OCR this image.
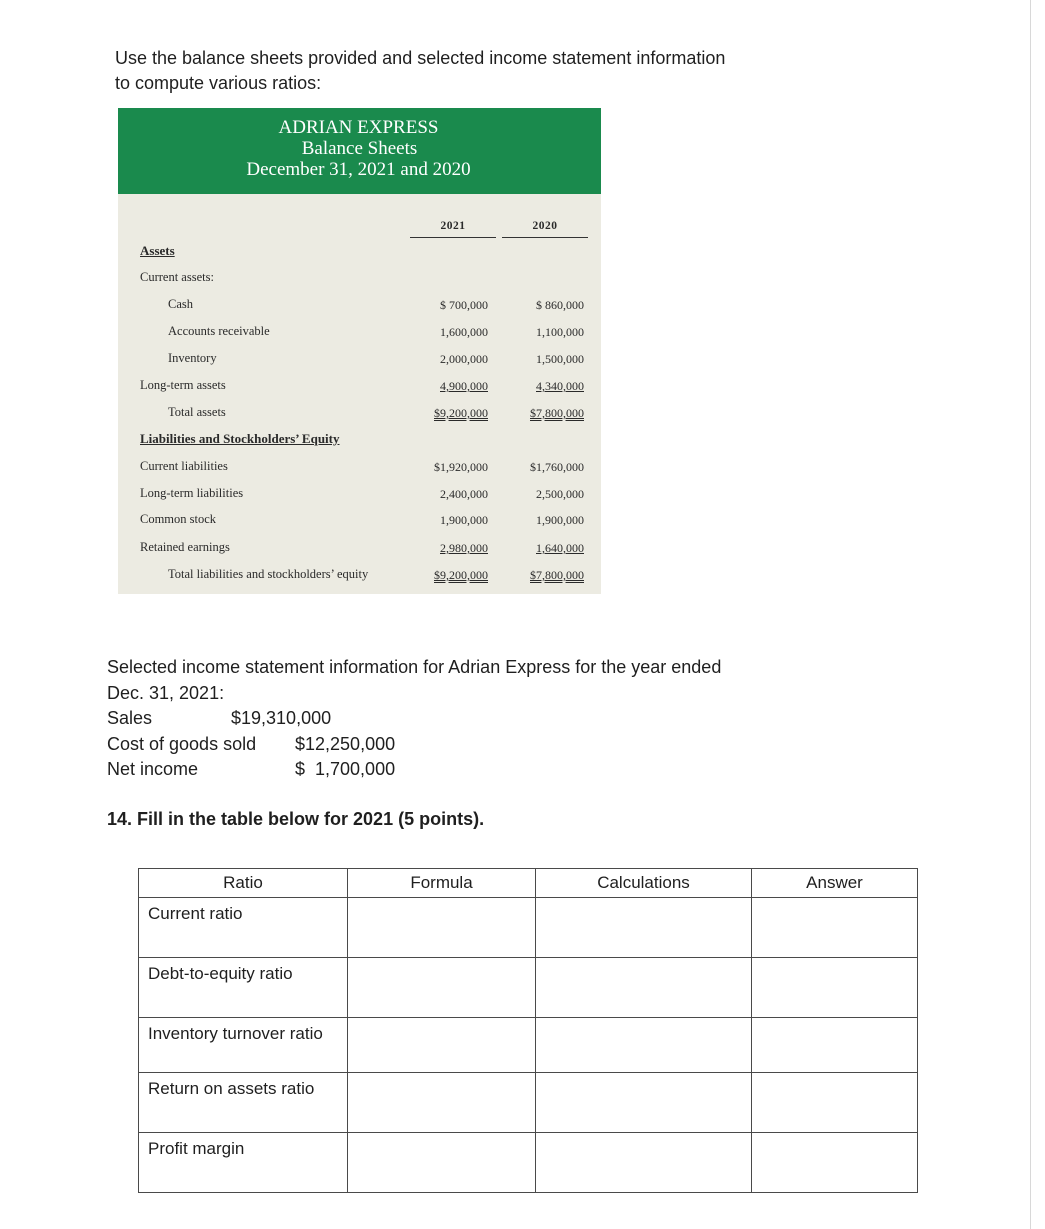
Use the balance sheets provided and selected income statement information
to compute various ratios:
ADRIAN EXPRESS
Balance Sheets
December 31, 2021 and 2020
2021	2020
Assets
Current assets:
Cash	$ 700,000	$ 860,000
Accounts receivable	1,600,000	1,100,000
Inventory	2,000,000	1,500,000
Long-term assets	4,900,000	4,340,000
Total assets	$9,200,000	$7,800,000
Liabilities and Stockholders’ Equity
Current liabilities	$1,920,000	$1,760,000
Long-term liabilities	2,400,000	2,500,000
Common stock	1,900,000	1,900,000
Retained earnings	2,980,000	1,640,000
Total liabilities and stockholders’ equity	$9,200,000	$7,800,000
Selected income statement information for Adrian Express for the year ended
Dec. 31, 2021:
Sales	$19,310,000
Cost of goods sold $12,250,000
Net income	$  1,700,000
14. Fill in the table below for 2021 (5 points).
Ratio	Formula	Calculations	Answer
Current ratio			
Debt-to-equity ratio			
Inventory turnover ratio			
Return on assets ratio			
Profit margin			
